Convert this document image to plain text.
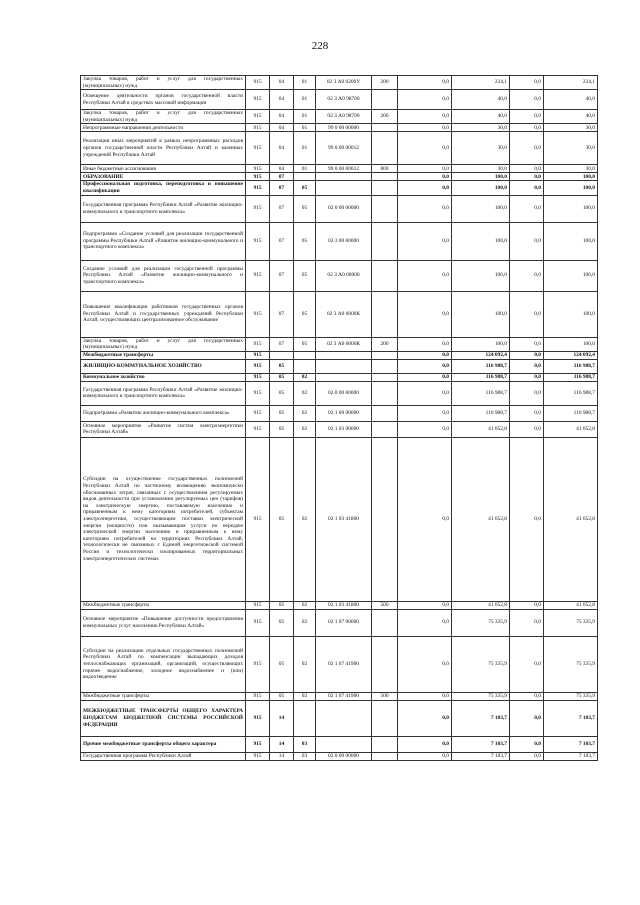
228
Закупка товаров, работ и услуг для государственных (муниципальных) нужд	915	04	01	02 3 А0 0200У	200	0,0	234,1	0,0	234,1
Освещение деятельности органов государственной власти Республики Алтай в средствах массовой информации	915	04	01	02 3 А0 98700		0,0	40,0	0,0	40,0
Закупка товаров, работ и услуг для государственных (муниципальных) нужд	915	04	01	02 3 А0 98700	200	0,0	40,0	0,0	40,0
Непрограммные направления деятельности	915	04	01	99 0 00 00000		0,0	30,0	0,0	30,0
Реализация иных мероприятий в рамках непрограммных расходов органов государственной власти Республики Алтай и казенных учреждений Республики Алтай	915	04	01	99 0 00 00012		0,0	30,0	0,0	30,0
Иные бюджетные ассигнования	915	04	01	99 0 00 00012	800	0,0	30,0	0,0	30,0
ОБРАЗОВАНИЕ	915	07				0,0	100,0	0,0	100,0
Профессиональная подготовка, переподготовка и повышение квалификации	915	07	05			0,0	100,0	0,0	100,0
Государственная программа Республики Алтай «Развитие жилищно-коммунального и транспортного комплекса»	915	07	05	02 0 00 00000		0,0	100,0	0,0	100,0
Подпрограмма «Создание условий для реализации государственной программы Республики Алтай «Развитие жилищно-коммунального и транспортного комплекса»	915	07	05	02 3 00 00000		0,0	100,0	0,0	100,0
Создание условий для реализации государственной программы Республики Алтай «Развитие жилищно-коммунального и транспортного комплекса»	915	07	05	02 3 А0 00000		0,0	100,0	0,0	100,0
Повышение квалификации работников государственных органов Республики Алтай и государственных учреждений Республики Алтай, осуществляющих централизованное обслуживание	915	07	05	02 3 А0 0000К		0,0	100,0	0,0	100,0
Закупка товаров, работ и услуг для государственных (муниципальных) нужд	915	07	05	02 3 А0 0000К	200	0,0	100,0	0,0	100,0
Межбюджетные трансферты	915					0,0	124 092,4	0,0	124 092,4
ЖИЛИЩНО-КОММУНАЛЬНОЕ ХОЗЯЙСТВО	915	05				0,0	116 988,7	0,0	116 988,7
Коммунальное хозяйство	915	05	02			0,0	116 988,7	0,0	116 988,7
Государственная программа Республики Алтай «Развитие жилищно-коммунального и транспортного комплекса»	915	05	02	02 0 00 00000		0,0	116 988,7	0,0	116 988,7
Подпрограмма «Развитие жилищно-коммунального комплекса»	915	05	02	02 1 00 00000		0,0	116 988,7	0,0	116 988,7
Основное мероприятие «Развитие систем электроэнергетики Республики Алтай»	915	05	02	02 1 03 00000		0,0	41 652,8	0,0	41 652,8
Субсидии на осуществление государственных полномочий Республики Алтай по частичному возмещению экономически обоснованных затрат, связанных с осуществлением регулируемых видов деятельности при установлении регулируемых цен (тарифов) на электрическую энергию, поставляемую населению и приравненным к нему категориям потребителей, субъектам электроэнергетики, осуществляющим поставки электрической энергии (мощности) или оказывающим услуги по передаче электрической энергии населению и приравненным к нему категориям потребителей на территориях Республики Алтай, технологически не связанных с Единой энергетической системой России и технологически изолированных территориальных электроэнергетических системах	915	05	02	02 1 03 41800		0,0	41 652,8	0,0	41 652,8
Межбюджетные трансферты	915	05	02	02 1 03 41800	500	0,0	41 652,8	0,0	41 652,8
Основное мероприятие «Повышение доступности предоставления коммунальных услуг населению Республики Алтай»	915	05	02	02 1 07 00000		0,0	75 335,9	0,0	75 335,9
Субсидии на реализацию отдельных государственных полномочий Республики Алтай по компенсации выпадающих доходов теплоснабжающих организаций, организаций, осуществляющих горячее водоснабжение, холодное водоснабжение и (или) водоотведение	915	05	02	02 1 07 41900		0,0	75 335,9	0,0	75 335,9
Межбюджетные трансферты	915	05	02	02 1 07 41900	500	0,0	75 335,9	0,0	75 335,9
МЕЖБЮДЖЕТНЫЕ ТРАНСФЕРТЫ ОБЩЕГО ХАРАКТЕРА БЮДЖЕТАМ БЮДЖЕТНОЙ СИСТЕМЫ РОССИЙСКОЙ ФЕДЕРАЦИИ	915	14				0,0	7 103,7	0,0	7 103,7
Прочие межбюджетные трансферты общего характера	915	14	03			0,0	7 103,7	0,0	7 103,7
Государственная программа Республики Алтай	915	14	03	02 0 00 00000		0,0	7 103,7	0,0	7 103,7
